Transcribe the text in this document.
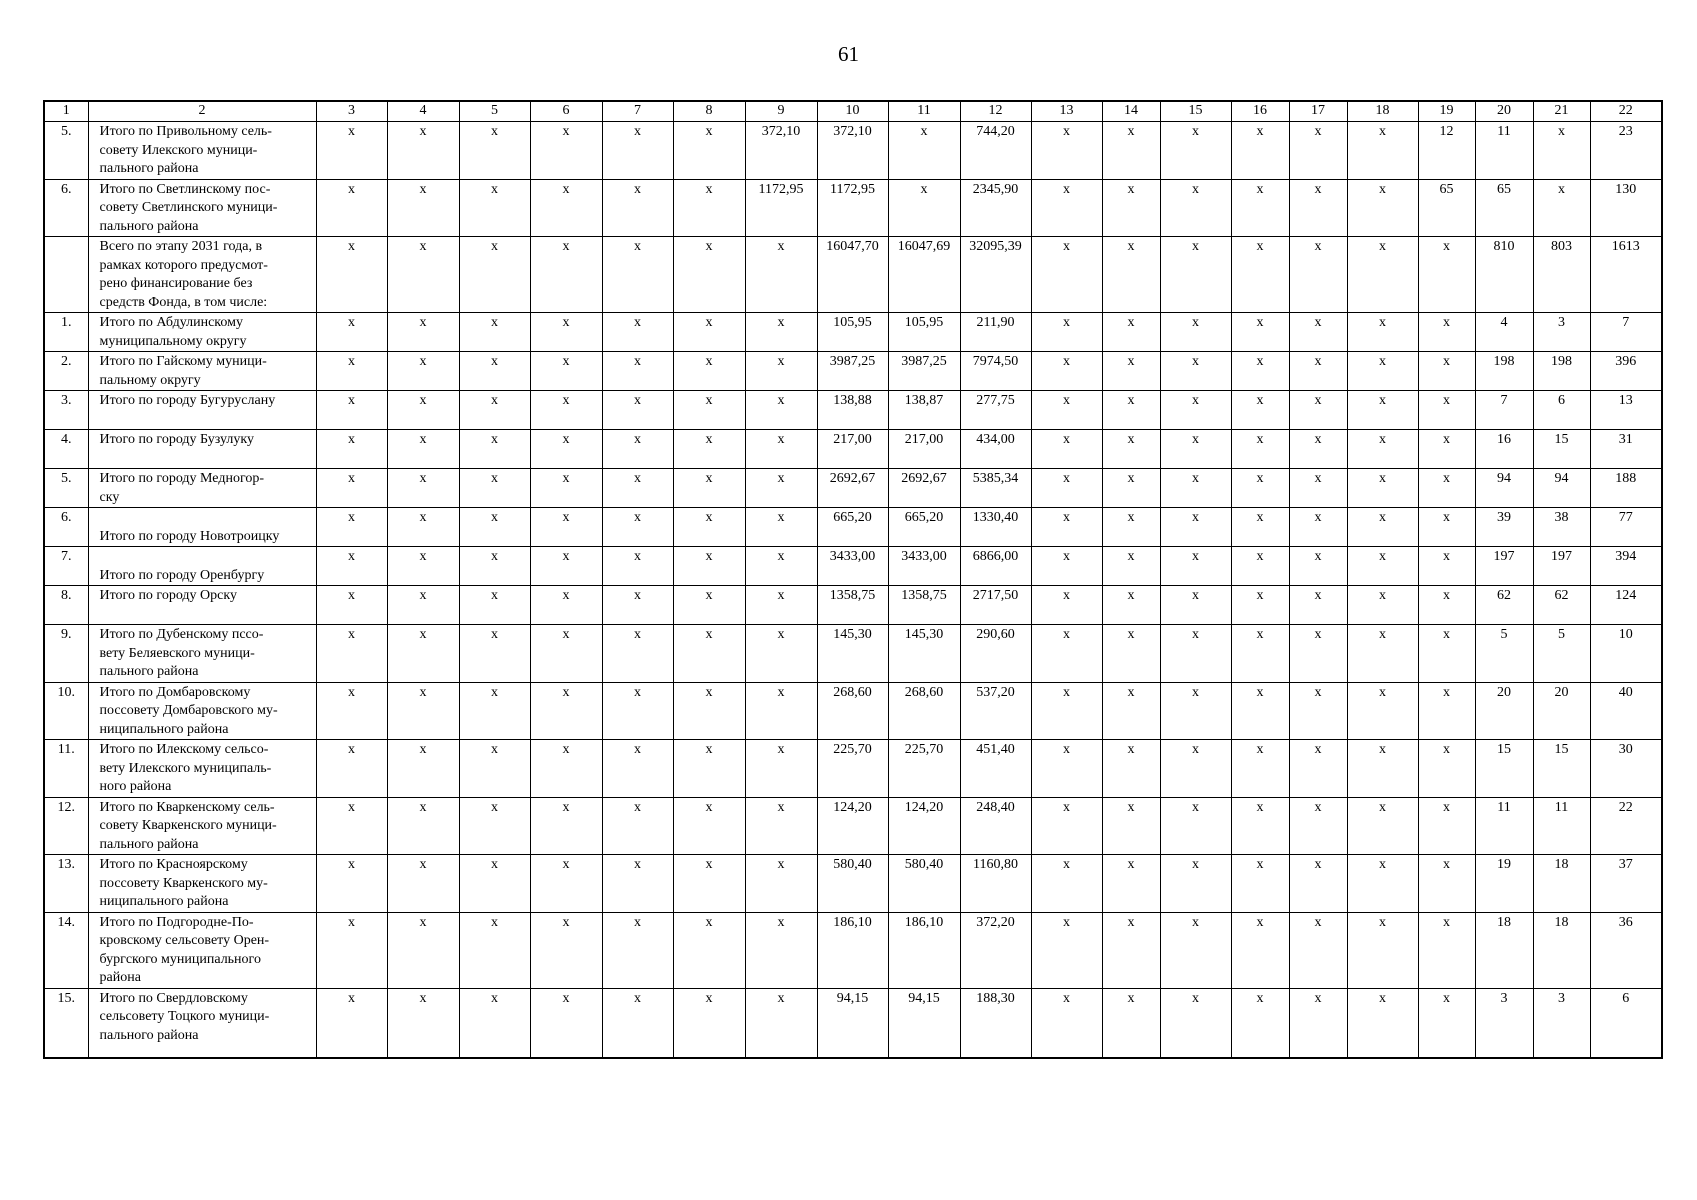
61
1	2	3	4	5	6	7	8	9	10	11	12	13	14	15	16	17	18	19	20	21	22
5.	Итого по Привольному сель-
совету Илекского муници-
пального района	х	х	х	х	х	х	372,10	372,10	х	744,20	х	х	х	х	х	х	12	11	х	23
6.	Итого по Светлинскому пос-
совету Светлинского муници-
пального района	х	х	х	х	х	х	1172,95	1172,95	х	2345,90	х	х	х	х	х	х	65	65	х	130
	Всего по этапу 2031 года, в
рамках которого предусмот-
рено финансирование без
средств Фонда, в том числе:	х	х	х	х	х	х	х	16047,70	16047,69	32095,39	х	х	х	х	х	х	х	810	803	1613
1.	Итого по Абдулинскому
муниципальному округу	х	х	х	х	х	х	х	105,95	105,95	211,90	х	х	х	х	х	х	х	4	3	7
2.	Итого по Гайскому муници-
пальному округу	х	х	х	х	х	х	х	3987,25	3987,25	7974,50	х	х	х	х	х	х	х	198	198	396
3.	Итого по городу Бугуруслану	х	х	х	х	х	х	х	138,88	138,87	277,75	х	х	х	х	х	х	х	7	6	13
4.	Итого по городу Бузулуку	х	х	х	х	х	х	х	217,00	217,00	434,00	х	х	х	х	х	х	х	16	15	31
5.	Итого по городу Медногор-
ску	х	х	х	х	х	х	х	2692,67	2692,67	5385,34	х	х	х	х	х	х	х	94	94	188
6.	Итого по городу Новотроицку	х	х	х	х	х	х	х	665,20	665,20	1330,40	х	х	х	х	х	х	х	39	38	77
7.	Итого по городу Оренбургу	х	х	х	х	х	х	х	3433,00	3433,00	6866,00	х	х	х	х	х	х	х	197	197	394
8.	Итого по городу Орску	х	х	х	х	х	х	х	1358,75	1358,75	2717,50	х	х	х	х	х	х	х	62	62	124
9.	Итого по Дубенскому пссо-
вету Беляевского муници-
пального района	х	х	х	х	х	х	х	145,30	145,30	290,60	х	х	х	х	х	х	х	5	5	10
10.	Итого по Домбаровскому
поссовету Домбаровского му-
ниципального района	х	х	х	х	х	х	х	268,60	268,60	537,20	х	х	х	х	х	х	х	20	20	40
11.	Итого по Илекскому сельсо-
вету Илекского муниципаль-
ного района	х	х	х	х	х	х	х	225,70	225,70	451,40	х	х	х	х	х	х	х	15	15	30
12.	Итого по Кваркенскому сель-
совету Кваркенского муници-
пального района	х	х	х	х	х	х	х	124,20	124,20	248,40	х	х	х	х	х	х	х	11	11	22
13.	Итого по Красноярскому
поссовету Кваркенского му-
ниципального района	х	х	х	х	х	х	х	580,40	580,40	1160,80	х	х	х	х	х	х	х	19	18	37
14.	Итого по Подгородне-По-
кровскому сельсовету Орен-
бургского муниципального
района	х	х	х	х	х	х	х	186,10	186,10	372,20	х	х	х	х	х	х	х	18	18	36
15.	Итого по Свердловскому
сельсовету Тоцкого муници-
пального района	х	х	х	х	х	х	х	94,15	94,15	188,30	х	х	х	х	х	х	х	3	3	6
